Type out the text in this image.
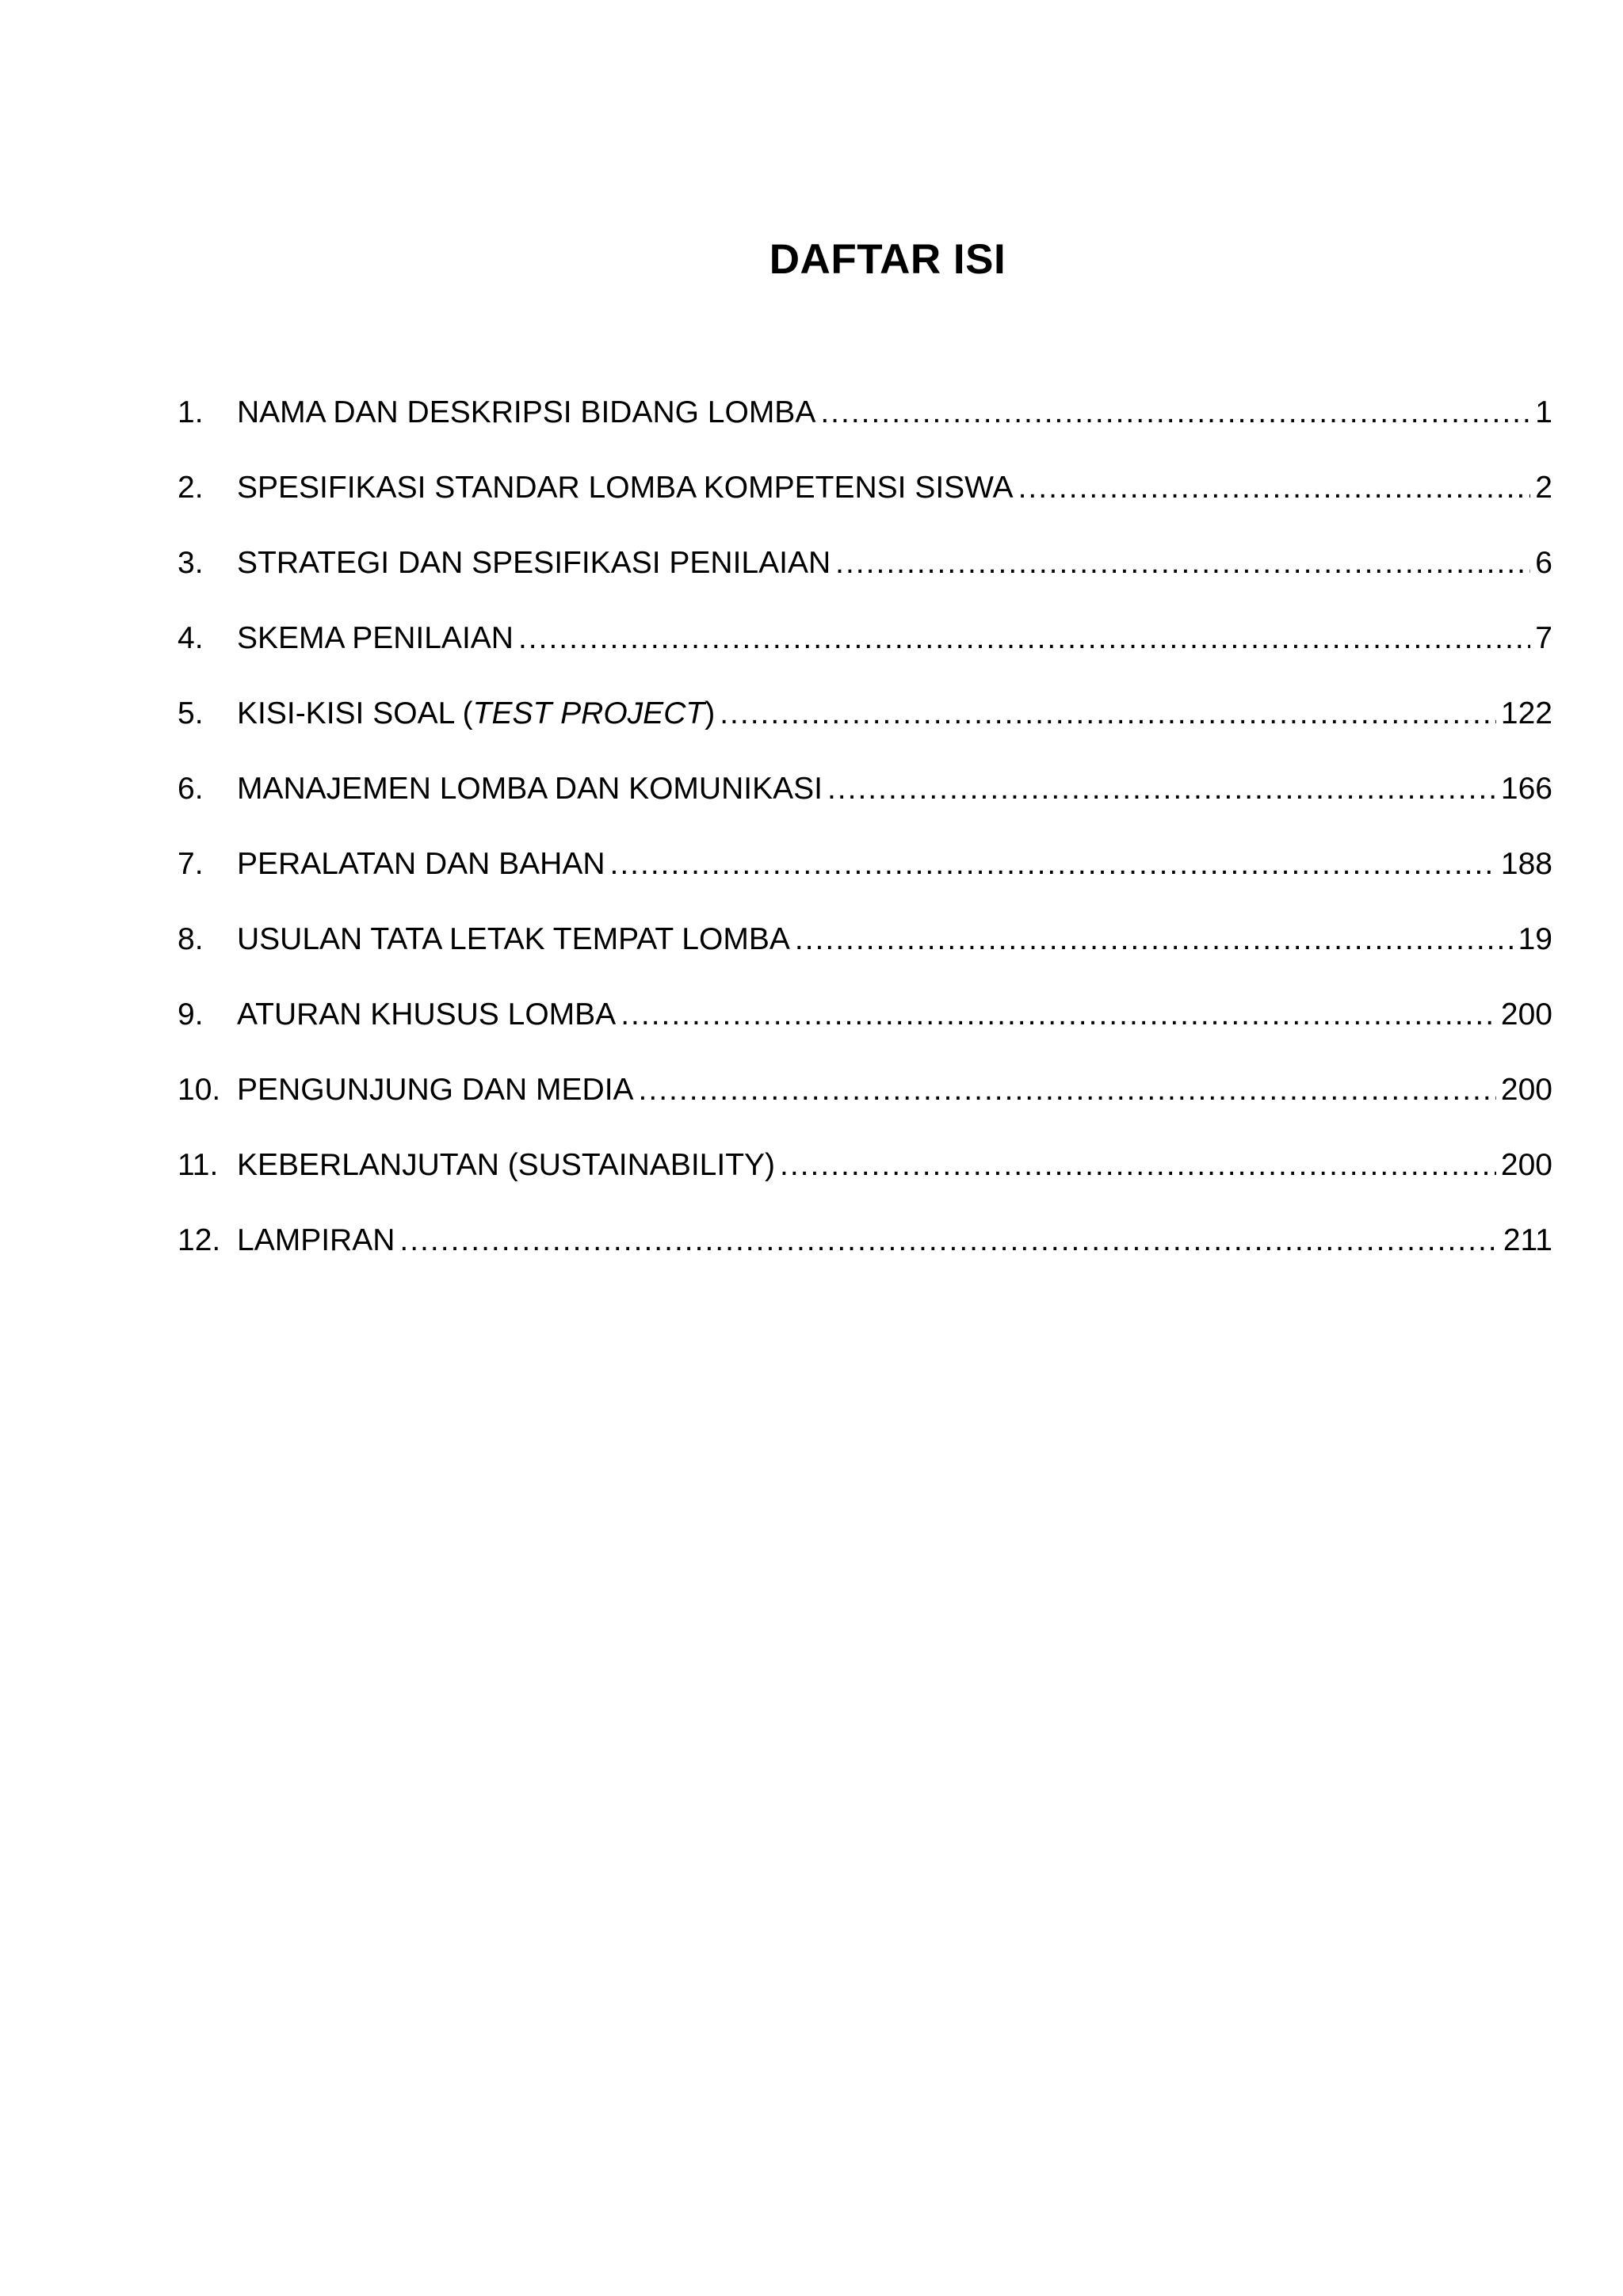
DAFTAR ISI
1.	NAMA DAN DESKRIPSI BIDANG LOMBA .....	1
2.	SPESIFIKASI STANDAR LOMBA KOMPETENSI SISWA .....	2
3.	STRATEGI DAN SPESIFIKASI PENILAIAN .....	6
4.	SKEMA PENILAIAN .....	7
5.	KISI-KISI SOAL (TEST PROJECT) .....	122
6.	MANAJEMEN LOMBA DAN KOMUNIKASI .....	166
7.	PERALATAN DAN BAHAN .....	188
8.	USULAN TATA LETAK TEMPAT LOMBA .....	19
9.	ATURAN KHUSUS LOMBA .....	200
10. PENGUNJUNG DAN MEDIA .....	200
11. KEBERLANJUTAN (SUSTAINABILITY) .....	200
12. LAMPIRAN .....	211
